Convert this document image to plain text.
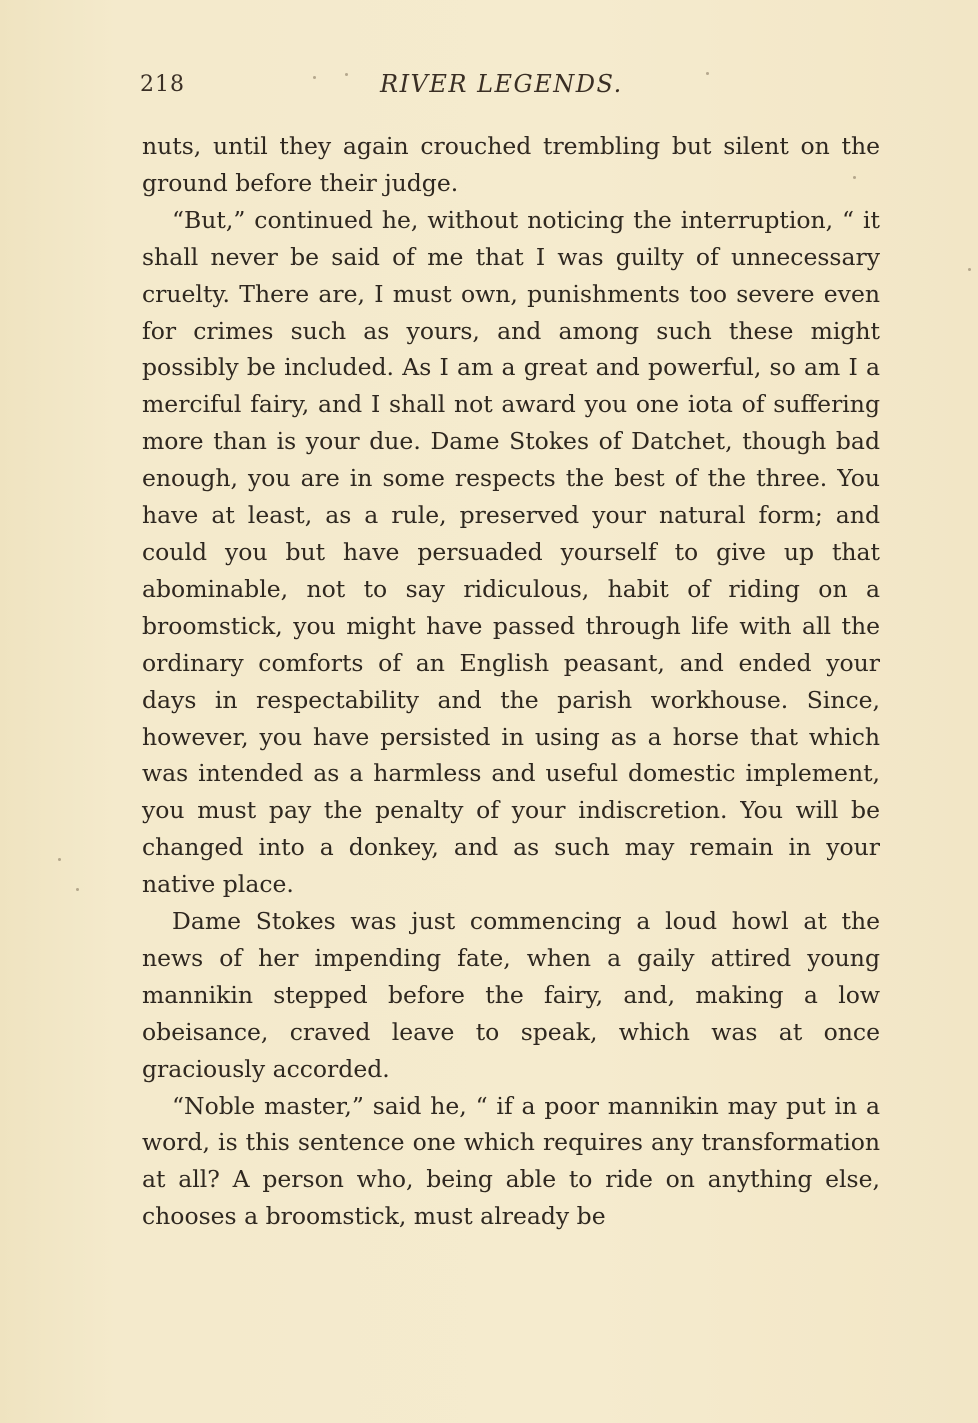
218	RIVER LEGENDS.

nuts, until they again crouched trembling but silent on the ground before their judge.

“But,” continued he, without noticing the interruption, “ it shall never be said of me that I was guilty of unnecessary cruelty. There are, I must own, punishments too severe even for crimes such as yours, and among such these might possibly be included. As I am a great and powerful, so am I a merciful fairy, and I shall not award you one iota of suffering more than is your due. Dame Stokes of Datchet, though bad enough, you are in some respects the best of the three. You have at least, as a rule, preserved your natural form; and could you but have persuaded yourself to give up that abominable, not to say ridiculous, habit of riding on a broomstick, you might have passed through life with all the ordinary comforts of an English peasant, and ended your days in respectability and the parish workhouse. Since, however, you have persisted in using as a horse that which was intended as a harmless and useful domestic implement, you must pay the penalty of your indiscretion. You will be changed into a donkey, and as such may remain in your native place.

Dame Stokes was just commencing a loud howl at the news of her impending fate, when a gaily attired young mannikin stepped before the fairy, and, making a low obeisance, craved leave to speak, which was at once graciously accorded.

“Noble master,” said he, “ if a poor mannikin may put in a word, is this sentence one which requires any transformation at all? A person who, being able to ride on anything else, chooses a broomstick, must already be
